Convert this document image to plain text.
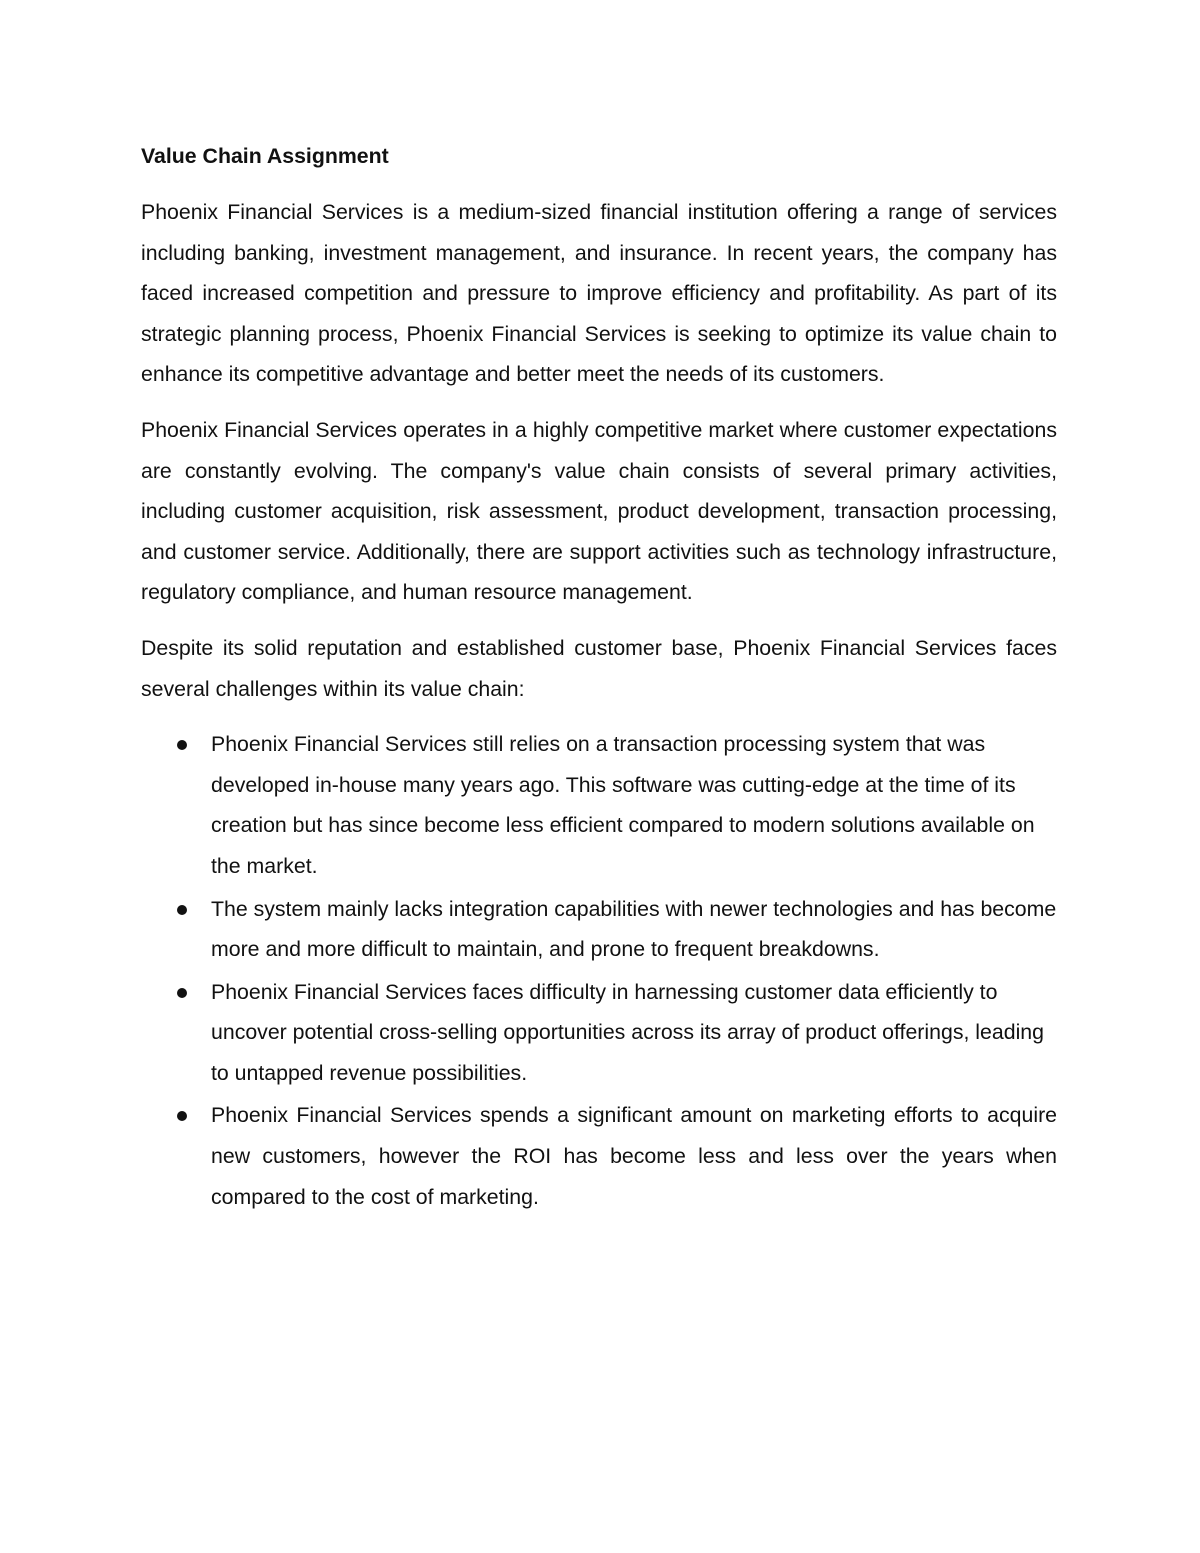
Value Chain Assignment

Phoenix Financial Services is a medium-sized financial institution offering a range of services including banking, investment management, and insurance. In recent years, the company has faced increased competition and pressure to improve efficiency and profitability. As part of its strategic planning process, Phoenix Financial Services is seeking to optimize its value chain to enhance its competitive advantage and better meet the needs of its customers.

Phoenix Financial Services operates in a highly competitive market where customer expectations are constantly evolving. The company's value chain consists of several primary activities, including customer acquisition, risk assessment, product development, transaction processing, and customer service. Additionally, there are support activities such as technology infrastructure, regulatory compliance, and human resource management.

Despite its solid reputation and established customer base, Phoenix Financial Services faces several challenges within its value chain:

Phoenix Financial Services still relies on a transaction processing system that was developed in-house many years ago. This software was cutting-edge at the time of its creation but has since become less efficient compared to modern solutions available on the market.
The system mainly lacks integration capabilities with newer technologies and has become more and more difficult to maintain, and prone to frequent breakdowns.
Phoenix Financial Services faces difficulty in harnessing customer data efficiently to uncover potential cross-selling opportunities across its array of product offerings, leading to untapped revenue possibilities.
Phoenix Financial Services spends a significant amount on marketing efforts to acquire new customers, however the ROI has become less and less over the years when compared to the cost of marketing.
